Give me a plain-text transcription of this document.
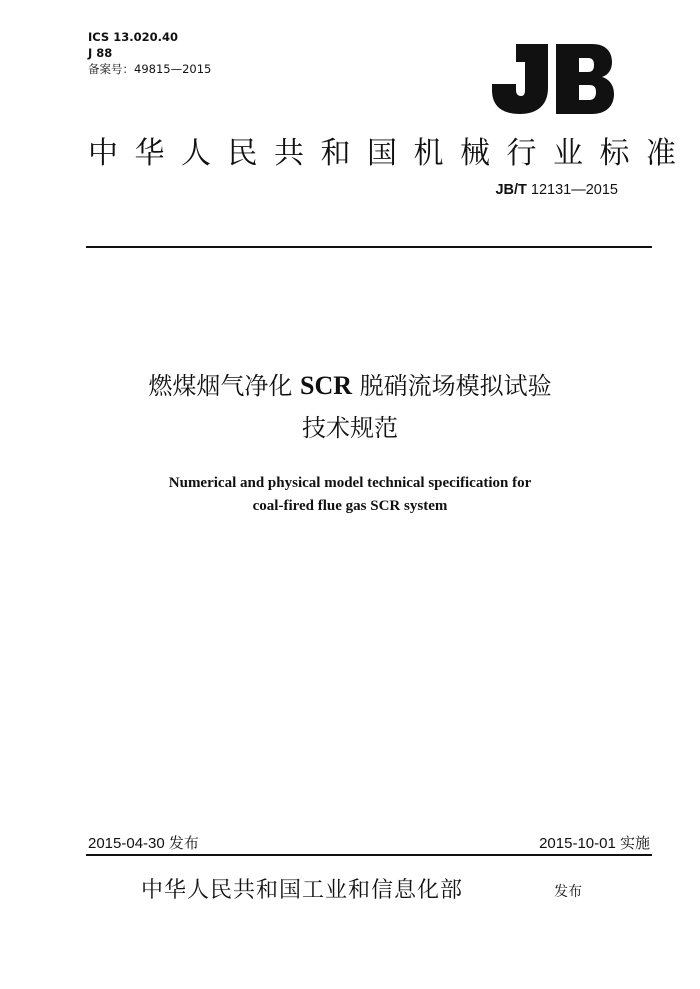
ICS 13.020.40
J 88
备案号：49815—2015
中华人民共和国机械行业标准
JB/T 12131—2015
燃煤烟气净化 SCR 脱硝流场模拟试验
技术规范
Numerical and physical model technical specification for
coal-fired flue gas SCR system
2015-04-30 发布	2015-10-01 实施
中华人民共和国工业和信息化部	发布
